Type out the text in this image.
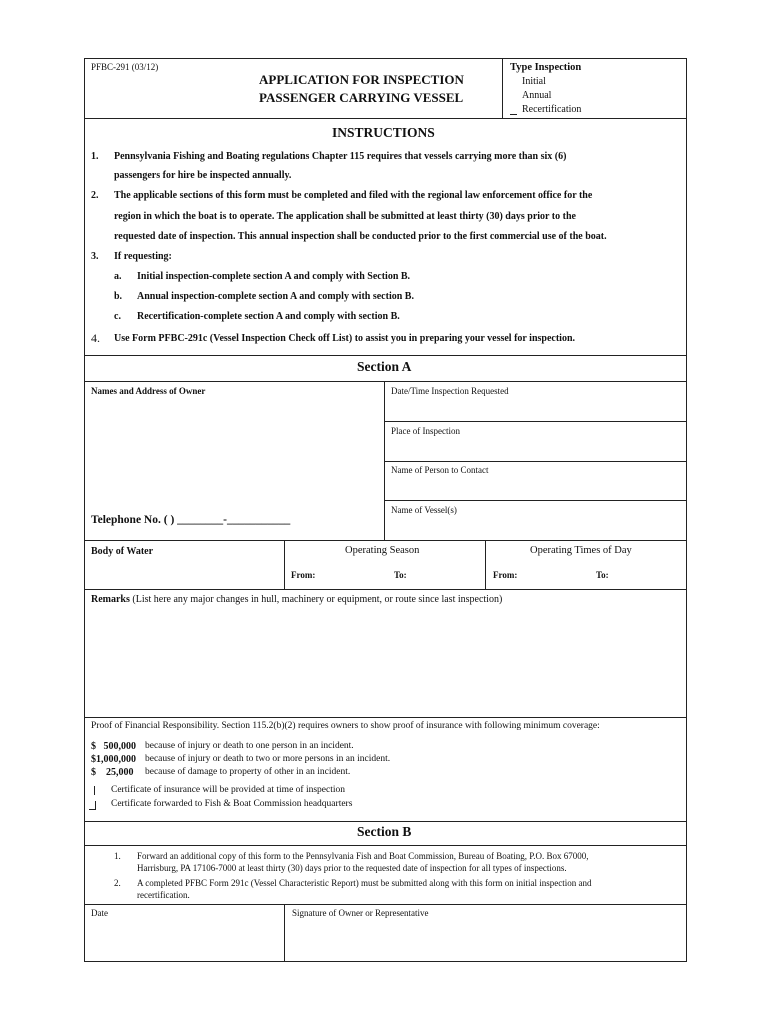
PFBC-291 (03/12)
APPLICATION FOR INSPECTION
PASSENGER CARRYING VESSEL
Type Inspection
Initial
Annual
Recertification
INSTRUCTIONS
1. Pennsylvania Fishing and Boating regulations Chapter 115 requires that vessels carrying more than six (6)
passengers for hire be inspected annually.
2. The applicable sections of this form must be completed and filed with the regional law enforcement office for the
region in which the boat is to operate. The application shall be submitted at least thirty (30) days prior to the
requested date of inspection. This annual inspection shall be conducted prior to the first commercial use of the boat.
3. If requesting:
a. Initial inspection-complete section A and comply with Section B.
b. Annual inspection-complete section A and comply with section B.
c. Recertification-complete section A and comply with section B.
4. Use Form PFBC-291c (Vessel Inspection Check off List) to assist you in preparing your vessel for inspection.
Section A
Names and Address of Owner
Telephone No. ( ) ________-___________
Date/Time Inspection Requested
Place of Inspection
Name of Person to Contact
Name of Vessel(s)
Body of Water	Operating Season
From:	To:
Operating Times of Day
From:	To:
Remarks (List here any major changes in hull, machinery or equipment, or route since last inspection)
Proof of Financial Responsibility. Section 115.2(b)(2) requires owners to show proof of insurance with following minimum coverage:
$   500,000 because of injury or death to one person in an incident.
$1,000,000 because of injury or death to two or more persons in an incident.
$    25,000 because of damage to property of other in an incident.
Certificate of insurance will be provided at time of inspection
Certificate forwarded to Fish & Boat Commission headquarters
Section B
1. Forward an additional copy of this form to the Pennsylvania Fish and Boat Commission, Bureau of Boating, P.O. Box 67000,
Harrisburg, PA 17106-7000 at least thirty (30) days prior to the requested date of inspection for all types of inspections.
2. A completed PFBC Form 291c (Vessel Characteristic Report) must be submitted along with this form on initial inspection and
recertification.
Date	Signature of Owner or Representative
